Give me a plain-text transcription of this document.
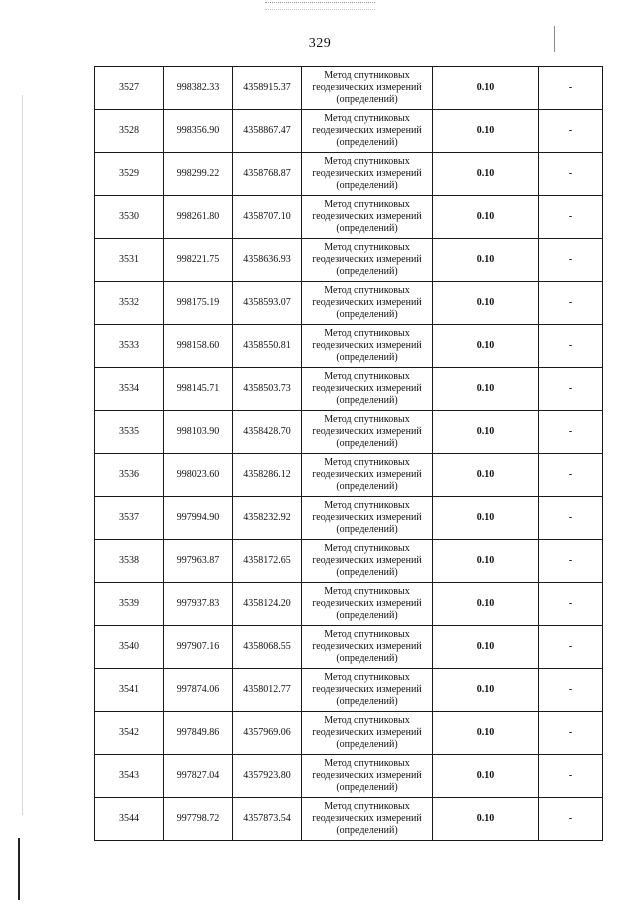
329
3527	998382.33	4358915.37	Метод спутниковых
геодезических измерений
(определений)	0.10	-
3528	998356.90	4358867.47	Метод спутниковых
геодезических измерений
(определений)	0.10	-
3529	998299.22	4358768.87	Метод спутниковых
геодезических измерений
(определений)	0.10	-
3530	998261.80	4358707.10	Метод спутниковых
геодезических измерений
(определений)	0.10	-
3531	998221.75	4358636.93	Метод спутниковых
геодезических измерений
(определений)	0.10	-
3532	998175.19	4358593.07	Метод спутниковых
геодезических измерений
(определений)	0.10	-
3533	998158.60	4358550.81	Метод спутниковых
геодезических измерений
(определений)	0.10	-
3534	998145.71	4358503.73	Метод спутниковых
геодезических измерений
(определений)	0.10	-
3535	998103.90	4358428.70	Метод спутниковых
геодезических измерений
(определений)	0.10	-
3536	998023.60	4358286.12	Метод спутниковых
геодезических измерений
(определений)	0.10	-
3537	997994.90	4358232.92	Метод спутниковых
геодезических измерений
(определений)	0.10	-
3538	997963.87	4358172.65	Метод спутниковых
геодезических измерений
(определений)	0.10	-
3539	997937.83	4358124.20	Метод спутниковых
геодезических измерений
(определений)	0.10	-
3540	997907.16	4358068.55	Метод спутниковых
геодезических измерений
(определений)	0.10	-
3541	997874.06	4358012.77	Метод спутниковых
геодезических измерений
(определений)	0.10	-
3542	997849.86	4357969.06	Метод спутниковых
геодезических измерений
(определений)	0.10	-
3543	997827.04	4357923.80	Метод спутниковых
геодезических измерений
(определений)	0.10	-
3544	997798.72	4357873.54	Метод спутниковых
геодезических измерений
(определений)	0.10	-
